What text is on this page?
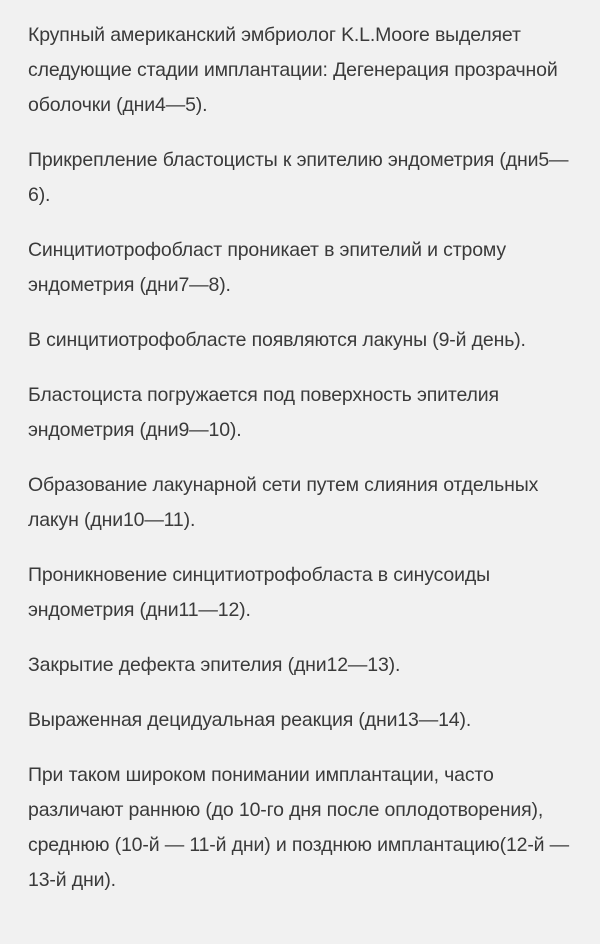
Крупный американский эмбриолог K.L.Moore выделяет следующие стадии имплантации: Дегенерация прозрачной оболочки (дни4—5).

Прикрепление бластоцисты к эпителию эндометрия (дни5—6).

Синцитиотрофобласт проникает в эпителий и строму эндометрия (дни7—8).

В синцитиотрофобласте появляются лакуны (9-й день).

Бластоциста погружается под поверхность эпителия эндометрия (дни9—10).

Образование лакунарной сети путем слияния отдельных лакун (дни10—11).

Проникновение синцитиотрофобласта в синусоиды эндометрия (дни11—12).

Закрытие дефекта эпителия (дни12—13).

Выраженная децидуальная реакция (дни13—14).

При таком широком понимании имплантации, часто различают раннюю (до 10-го дня после оплодотворения), среднюю (10-й — 11-й дни) и позднюю имплантацию(12-й — 13-й дни).
